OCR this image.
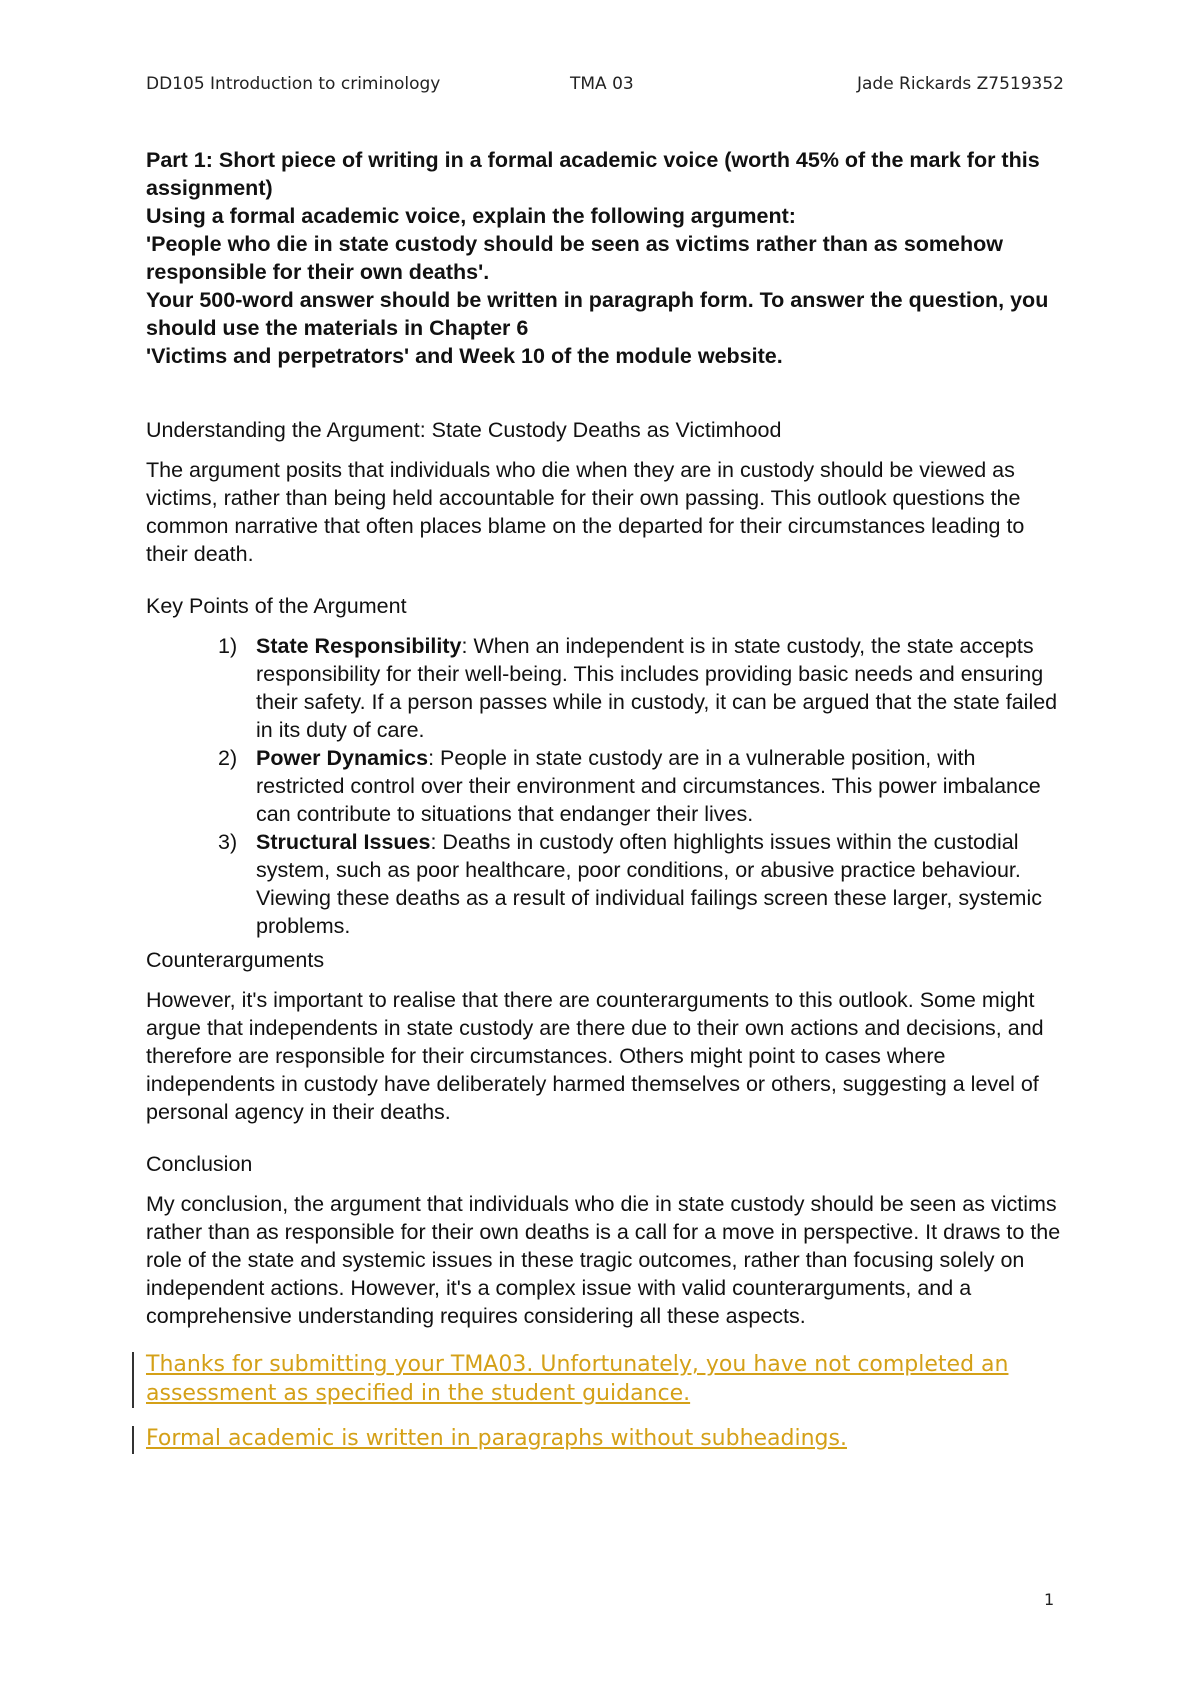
DD105 Introduction to criminology	TMA 03	Jade Rickards Z7519352

Part 1: Short piece of writing in a formal academic voice (worth 45% of the mark for this assignment)

Using a formal academic voice, explain the following argument:

'People who die in state custody should be seen as victims rather than as somehow responsible for their own deaths'.

Your 500-word answer should be written in paragraph form. To answer the question, you should use the materials in Chapter 6

'Victims and perpetrators' and Week 10 of the module website.

Understanding the Argument: State Custody Deaths as Victimhood

The argument posits that individuals who die when they are in custody should be viewed as victims, rather than being held accountable for their own passing. This outlook questions the common narrative that often places blame on the departed for their circumstances leading to their death.

Key Points of the Argument

1) State Responsibility: When an independent is in state custody, the state accepts responsibility for their well-being. This includes providing basic needs and ensuring their safety. If a person passes while in custody, it can be argued that the state failed in its duty of care.
2) Power Dynamics: People in state custody are in a vulnerable position, with restricted control over their environment and circumstances. This power imbalance can contribute to situations that endanger their lives.
3) Structural Issues: Deaths in custody often highlights issues within the custodial system, such as poor healthcare, poor conditions, or abusive practice behaviour. Viewing these deaths as a result of individual failings screen these larger, systemic problems.

Counterarguments

However, it's important to realise that there are counterarguments to this outlook. Some might argue that independents in state custody are there due to their own actions and decisions, and therefore are responsible for their circumstances. Others might point to cases where independents in custody have deliberately harmed themselves or others, suggesting a level of personal agency in their deaths.

Conclusion

My conclusion, the argument that individuals who die in state custody should be seen as victims rather than as responsible for their own deaths is a call for a move in perspective. It draws to the role of the state and systemic issues in these tragic outcomes, rather than focusing solely on independent actions. However, it's a complex issue with valid counterarguments, and a comprehensive understanding requires considering all these aspects.

Thanks for submitting your TMA03. Unfortunately, you have not completed an assessment as specified in the student guidance.
Formal academic is written in paragraphs without subheadings.
1
